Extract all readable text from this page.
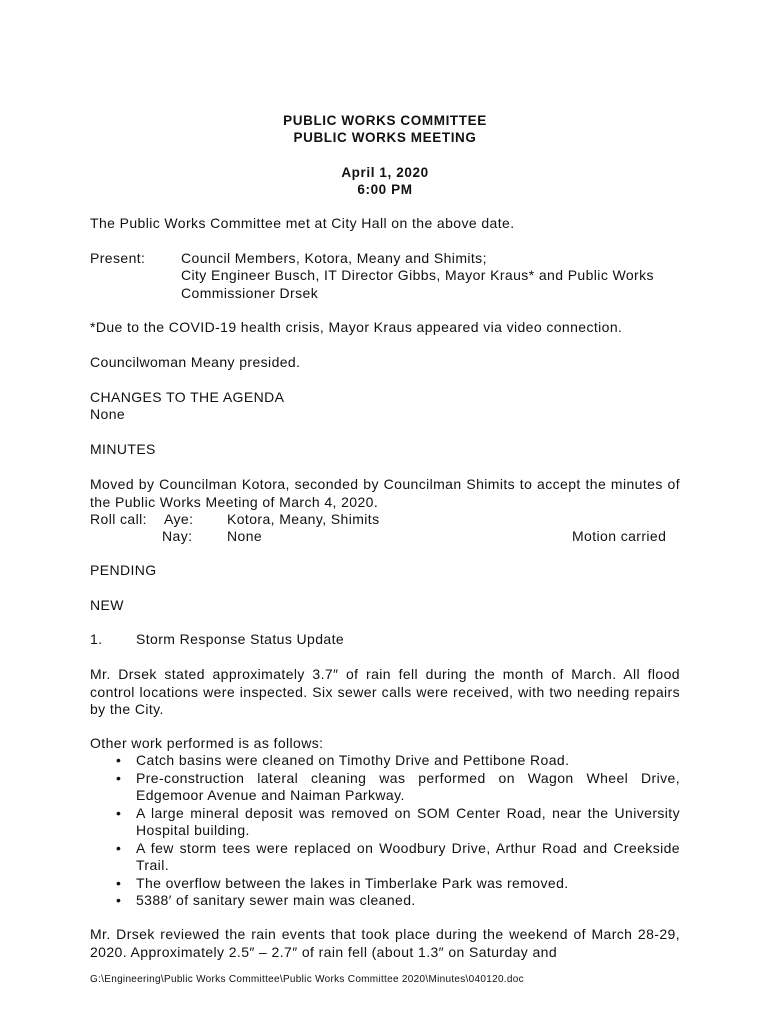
PUBLIC WORKS COMMITTEE
PUBLIC WORKS MEETING
April 1, 2020
6:00 PM
The Public Works Committee met at City Hall on the above date.
Present:	Council Members, Kotora, Meany and Shimits;
City Engineer Busch, IT Director Gibbs, Mayor Kraus* and Public Works
Commissioner Drsek
*Due to the COVID-19 health crisis, Mayor Kraus appeared via video connection.
Councilwoman Meany presided.
CHANGES TO THE AGENDA
None
MINUTES
Moved by Councilman Kotora, seconded by Councilman Shimits to accept the minutes of the Public Works Meeting of March 4, 2020.
Roll call: Aye: Kotora, Meany, Shimits
Nay: None	Motion carried
PENDING
NEW
1. Storm Response Status Update
Mr. Drsek stated approximately 3.7″ of rain fell during the month of March. All flood control locations were inspected. Six sewer calls were received, with two needing repairs by the City.
Other work performed is as follows:
• Catch basins were cleaned on Timothy Drive and Pettibone Road.
• Pre-construction lateral cleaning was performed on Wagon Wheel Drive, Edgemoor Avenue and Naiman Parkway.
• A large mineral deposit was removed on SOM Center Road, near the University Hospital building.
• A few storm tees were replaced on Woodbury Drive, Arthur Road and Creekside Trail.
• The overflow between the lakes in Timberlake Park was removed.
• 5388′ of sanitary sewer main was cleaned.
Mr. Drsek reviewed the rain events that took place during the weekend of March 28-29, 2020. Approximately 2.5″ – 2.7″ of rain fell (about 1.3″ on Saturday and
G:\Engineering\Public Works Committee\Public Works Committee 2020\Minutes\040120.doc
